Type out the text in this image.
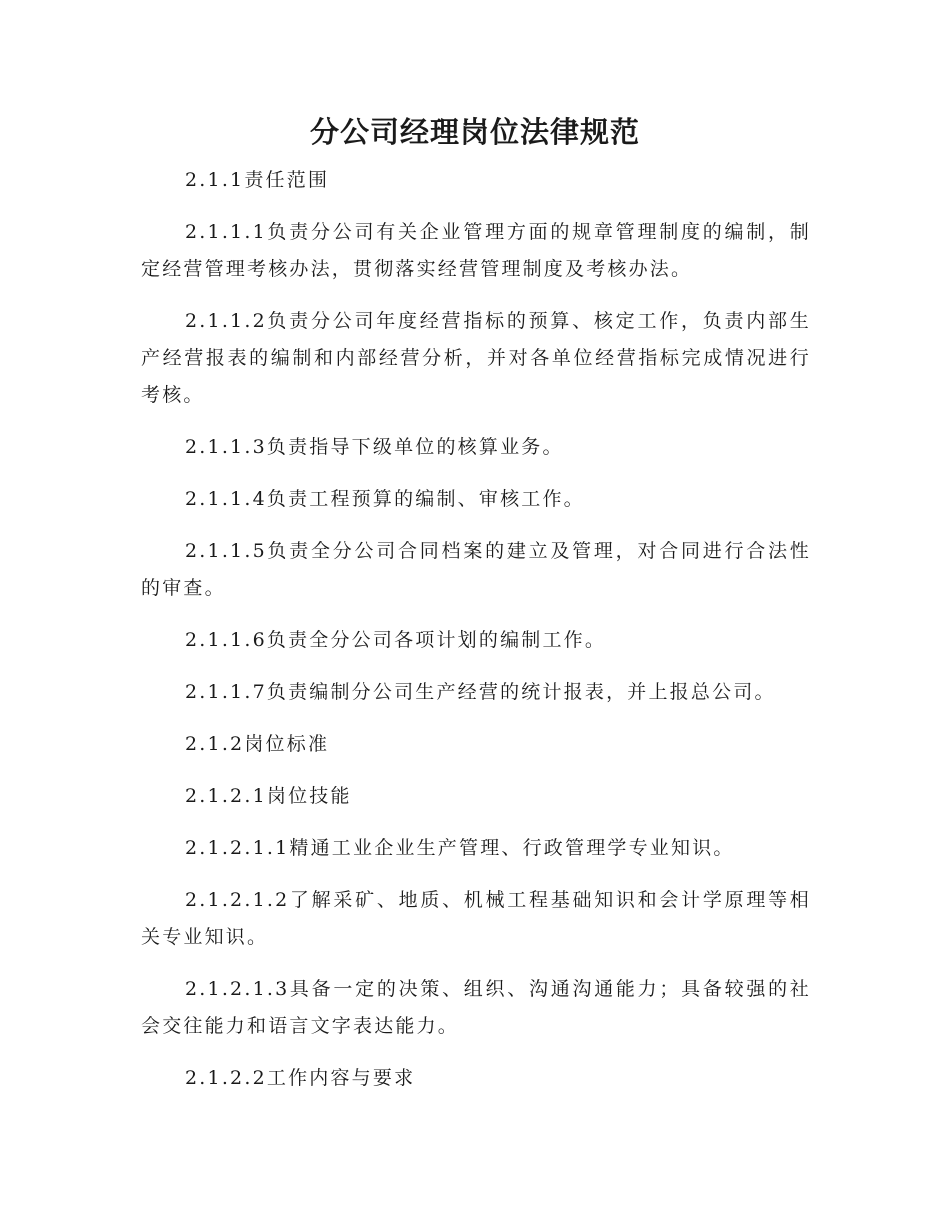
分公司经理岗位法律规范

2.1.1责任范围

2.1.1.1负责分公司有关企业管理方面的规章管理制度的编制，制定经营管理考核办法，贯彻落实经营管理制度及考核办法。

2.1.1.2负责分公司年度经营指标的预算、核定工作，负责内部生产经营报表的编制和内部经营分析，并对各单位经营指标完成情况进行考核。

2.1.1.3负责指导下级单位的核算业务。

2.1.1.4负责工程预算的编制、审核工作。

2.1.1.5负责全分公司合同档案的建立及管理，对合同进行合法性的审查。

2.1.1.6负责全分公司各项计划的编制工作。

2.1.1.7负责编制分公司生产经营的统计报表，并上报总公司。

2.1.2岗位标准

2.1.2.1岗位技能

2.1.2.1.1精通工业企业生产管理、行政管理学专业知识。

2.1.2.1.2了解采矿、地质、机械工程基础知识和会计学原理等相关专业知识。

2.1.2.1.3具备一定的决策、组织、沟通沟通能力；具备较强的社会交往能力和语言文字表达能力。

2.1.2.2工作内容与要求
